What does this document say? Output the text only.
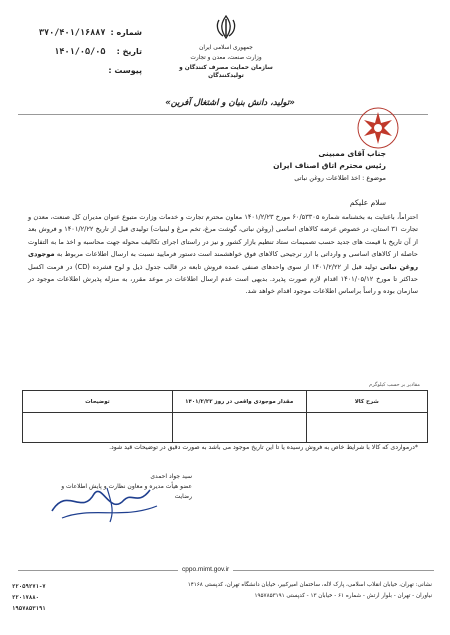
شماره : ۳۷۰/۴۰۱/۱۶۸۸۷
تاریخ : ۱۴۰۱/۰۵/۰۵
پیوست :
جمهوری اسلامی ایران
وزارت صنعت، معدن و تجارت
سازمان حمایت مصرف کنندگان و تولیدکنندگان
«تولید، دانش بنیان و اشتغال آفرین»
جناب آقای ممبینی
رئیس محترم اتاق اصناف ایران
موضوع : اخذ اطلاعات روغن نباتی
سلام علیکم
احتراماً، باعنایت به بخشنامه شماره ۶۰/۵۳۳۰۵ مورخ ۱۴۰۱/۲/۲۳ معاون محترم تجارت و خدمات وزارت متبوع عنوان مدیران کل صنعت، معدن و تجارت ۳۱ استان، در خصوص عرضه کالاهای اساسی (روغن نباتی، گوشت مرغ، تخم مرغ و لبنیات) تولیدی قبل از تاریخ ۱۴۰۱/۲/۲۲ و فروش بعد از آن تاریخ با قیمت های جدید حسب تصمیمات ستاد تنظیم بازار کشور و نیز در راستای اجرای تکالیف محوله جهت محاسبه و اخذ ما به التفاوت حاصله از کالاهای اساسی و وارداتی با ارز ترجیحی کالاهای فوق خواهشمند است دستور فرمایید نسبت به ارسال اطلاعات مربوط به موجودی روغن نباتی تولید قبل از ۱۴۰۱/۲/۲۲ از سوی واحدهای صنفی عمده فروش تابعه در قالب جدول ذیل و لوح فشرده (CD) در فرمت اکسل حداکثر تا مورخ ۱۴۰۱/۰۵/۱۲ اقدام لازم صورت پذیرد. بدیهی است عدم ارسال اطلاعات در موعد مقرر، به منزله پذیرش اطلاعات موجود در سازمان بوده و راساً براساس اطلاعات موجود اقدام خواهد شد.
مقادیر بر حسب کیلوگرم
شرح کالا	مقدار موجودی واقعی در روز ۱۴۰۱/۲/۲۲	توضیحات

*درمواردی که کالا با شرایط خاص به فروش رسیده یا تا این تاریخ موجود می باشد به صورت دقیق در توضیحات قید شود.
سید جواد احمدی
عضو هیأت مدیره و معاون نظارت و پایش اطلاعات و رضایت
cppo.mimt.gov.ir
نشانی: تهران، خیابان انقلاب اسلامی، پارک لاله، ساختمان امیرکبیر، خیابان دانشگاه تهران، کدپستی ۱۴۱۶۸
نیاوران - تهران - بلوار ارتش - شماره ۶۱ - خیابان ۱۳ - کدپستی ۱۹۵۷۸۵۳۱۹۱
۲۲۰۵۹۲۷۱-۷
۲۲۰۱۷۸۸۰
۱۹۵۷۸۵۳۱۹۱
